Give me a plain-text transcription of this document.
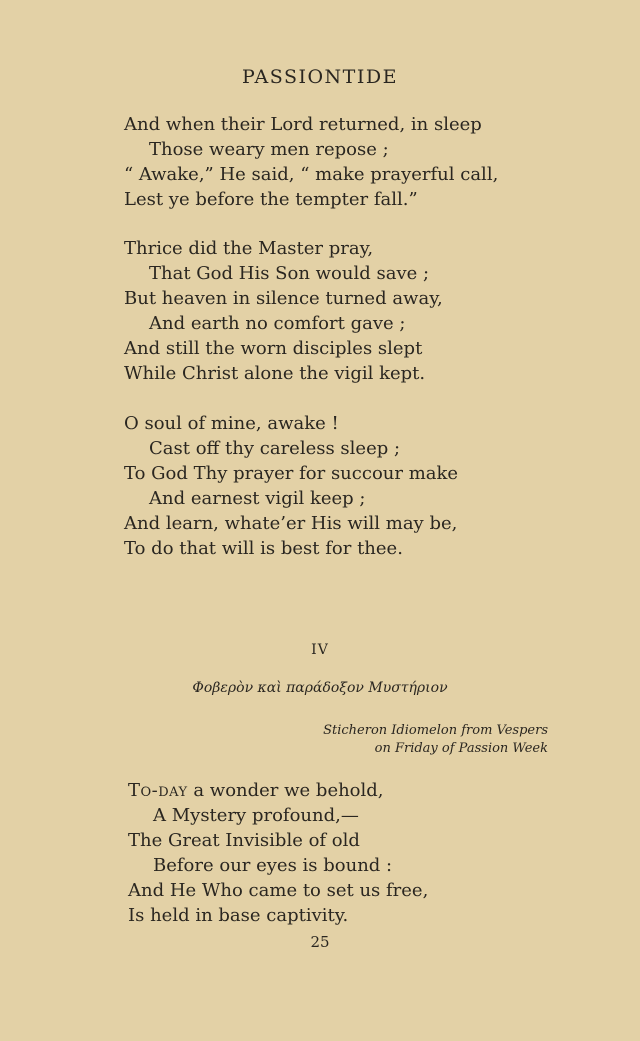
PASSIONTIDE
And when their Lord returned, in sleep
Those weary men repose ;
“ Awake,” He said, “ make prayerful call,
Lest ye before the tempter fall.”
Thrice did the Master pray,
That God His Son would save ;
But heaven in silence turned away,
And earth no comfort gave ;
And still the worn disciples slept
While Christ alone the vigil kept.
O soul of mine, awake !
Cast off thy careless sleep ;
To God Thy prayer for succour make
And earnest vigil keep ;
And learn, whate’er His will may be,
To do that will is best for thee.
IV
Φοβερὸν καὶ παράδοξον Μυστήριον
Sticheron Idiomelon from Vespers
on Friday of Passion Week
To-day a wonder we behold,
A Mystery profound,—
The Great Invisible of old
Before our eyes is bound :
And He Who came to set us free,
Is held in base captivity.
25
